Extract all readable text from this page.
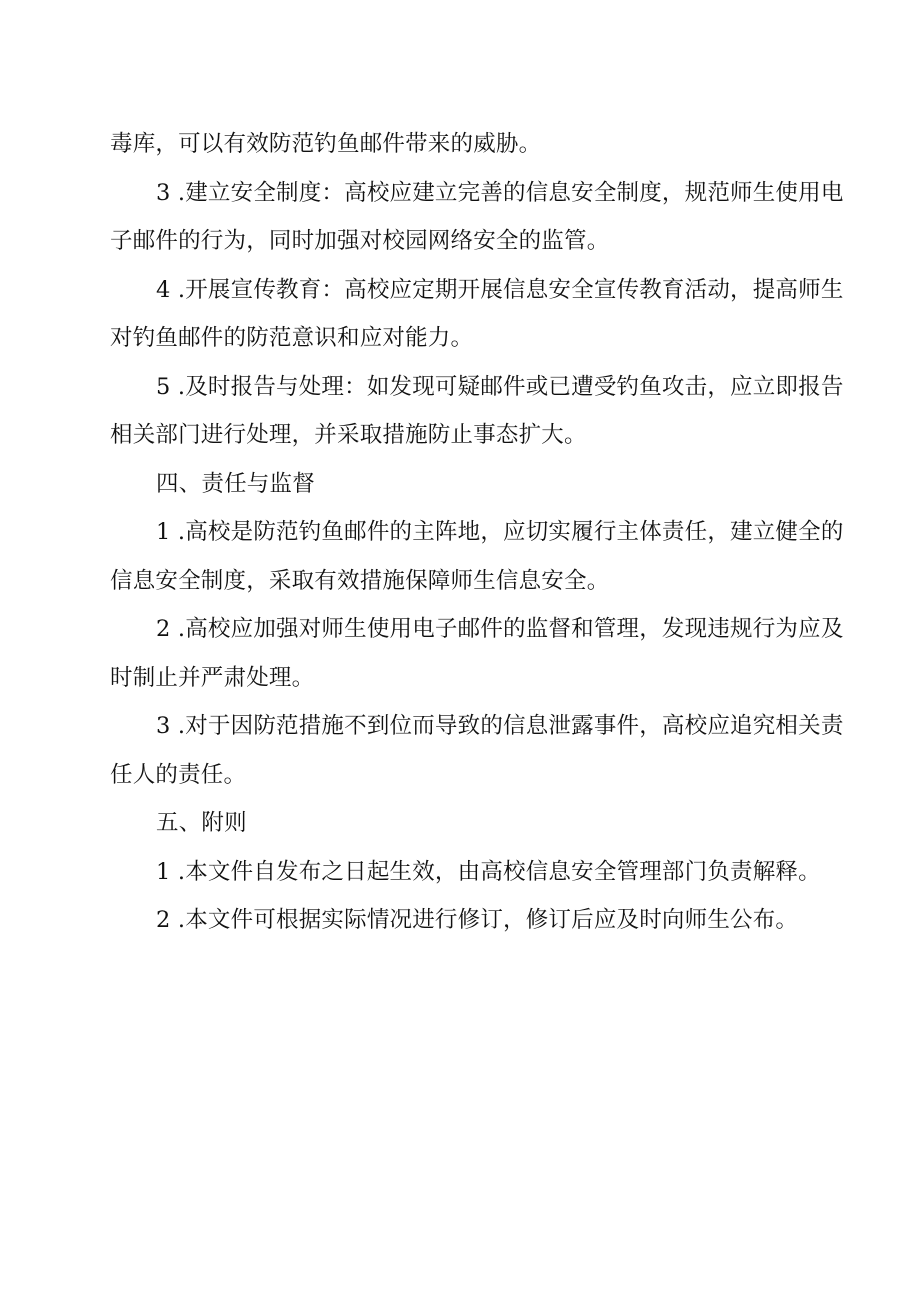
毒库，可以有效防范钓鱼邮件带来的威胁。

3 .建立安全制度：高校应建立完善的信息安全制度，规范师生使用电
子邮件的行为，同时加强对校园网络安全的监管。

4 .开展宣传教育：高校应定期开展信息安全宣传教育活动，提高师生
对钓鱼邮件的防范意识和应对能力。

5 .及时报告与处理：如发现可疑邮件或已遭受钓鱼攻击，应立即报告
相关部门进行处理，并采取措施防止事态扩大。

四、责任与监督

1 .高校是防范钓鱼邮件的主阵地，应切实履行主体责任，建立健全的
信息安全制度，采取有效措施保障师生信息安全。

2 .高校应加强对师生使用电子邮件的监督和管理，发现违规行为应及
时制止并严肃处理。

3 .对于因防范措施不到位而导致的信息泄露事件，高校应追究相关责
任人的责任。

五、附则

1 .本文件自发布之日起生效，由高校信息安全管理部门负责解释。

2 .本文件可根据实际情况进行修订，修订后应及时向师生公布。
